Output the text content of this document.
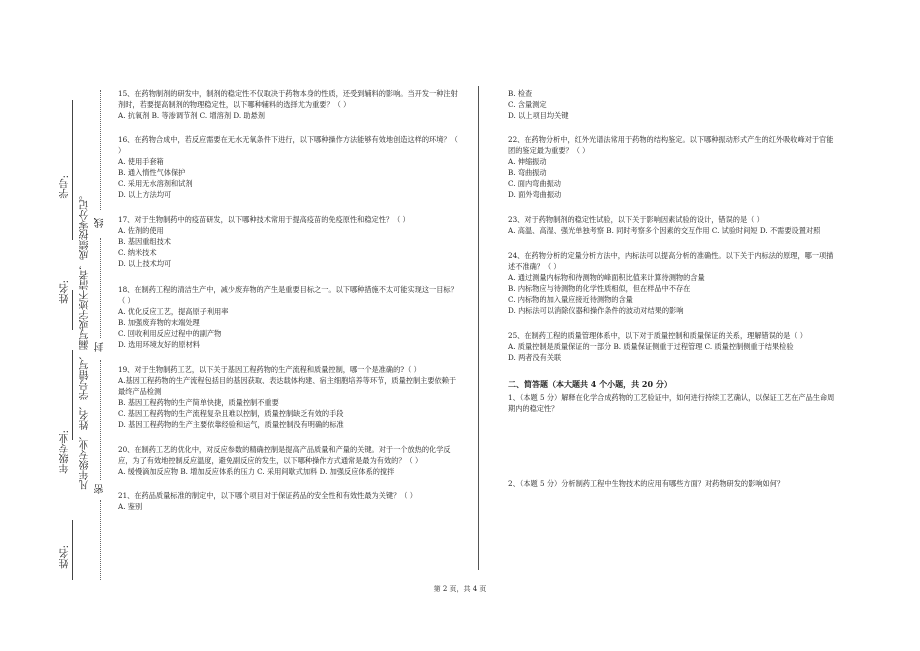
学号:
姓名:
年级专业:
姓名:
凡年级专业、姓名、学号错写、漏写或字迹不清者，成绩按零分记。 线
封
密

15、在药物制剂的研发中，制剂的稳定性不仅取决于药物本身的性质，还受到辅料的影响。当开发一种注射剂时，若要提高制剂的物理稳定性，以下哪种辅料的选择尤为重要？（ ）

A. 抗氧剂 B. 等渗调节剂 C. 增溶剂 D. 助悬剂

16、在药物合成中，若反应需要在无水无氧条件下进行，以下哪种操作方法能够有效地创造这样的环境？（ ）

A. 使用手套箱

B. 通入惰性气体保护

C. 采用无水溶剂和试剂

D. 以上方法均可

17、对于生物制药中的疫苗研发，以下哪种技术常用于提高疫苗的免疫原性和稳定性？（ ）

A. 佐剂的使用

B. 基因重组技术

C. 纳米技术

D. 以上技术均可

18、在制药工程的清洁生产中，减少废弃物的产生是重要目标之一。以下哪种措施不太可能实现这一目标？（ ）

A. 优化反应工艺，提高原子利用率

B. 加强废弃物的末端处理

C. 回收利用反应过程中的副产物

D. 选用环境友好的原材料

19、对于生物制药工艺，以下关于基因工程药物的生产流程和质量控制，哪一个是准确的?（ ）

A.基因工程药物的生产流程包括目的基因获取、表达载体构建、宿主细胞培养等环节，质量控制主要依赖于最终产品检测

B. 基因工程药物的生产简单快捷，质量控制不重要

C. 基因工程药物的生产流程复杂且难以控制，质量控制缺乏有效的手段

D. 基因工程药物的生产主要依靠经验和运气，质量控制没有明确的标准

20、在制药工艺的优化中，对反应参数的精确控制是提高产品质量和产量的关键。对于一个放热的化学反应，为了有效地控制反应温度，避免副反应的发生，以下哪种操作方式通常是最为有效的？（ ）

A. 缓慢滴加反应物 B. 增加反应体系的压力 C. 采用间歇式加料 D. 加强反应体系的搅拌

21、在药品质量标准的制定中，以下哪个项目对于保证药品的安全性和有效性最为关键？（ ）

A. 鉴别

B. 检查

C. 含量测定

D. 以上项目均关键

22、在药物分析中，红外光谱法常用于药物的结构鉴定。以下哪种振动形式产生的红外吸收峰对于官能团的鉴定最为重要？（ ）

A. 伸缩振动

B. 弯曲振动

C. 面内弯曲振动

D. 面外弯曲振动

23、对于药物制剂的稳定性试验，以下关于影响因素试验的设计，错误的是（ ）

A. 高温、高湿、强光单独考察 B. 同时考察多个因素的交互作用 C. 试验时间短 D. 不需要设置对照

24、在药物分析的定量分析方法中，内标法可以提高分析的准确性。以下关于内标法的原理，哪一项描述不准确？（ ）

A. 通过测量内标物和待测物的峰面积比值来计算待测物的含量

B. 内标物应与待测物的化学性质相似，但在样品中不存在

C. 内标物的加入量应接近待测物的含量

D. 内标法可以消除仪器和操作条件的波动对结果的影响

25、在制药工程的质量管理体系中，以下对于质量控制和质量保证的关系，理解错误的是（ ）

A. 质量控制是质量保证的一部分 B. 质量保证侧重于过程管理 C. 质量控制侧重于结果检验

D. 两者没有关联

二、简答题（本大题共 4 个小题，共 20 分）

1、（本题 5 分）解释在化学合成药物的工艺验证中，如何进行持续工艺确认，以保证工艺在产品生命周期内的稳定性？

2、（本题 5 分）分析制药工程中生物技术的应用有哪些方面？对药物研发的影响如何？

第 2 页，共 4 页
